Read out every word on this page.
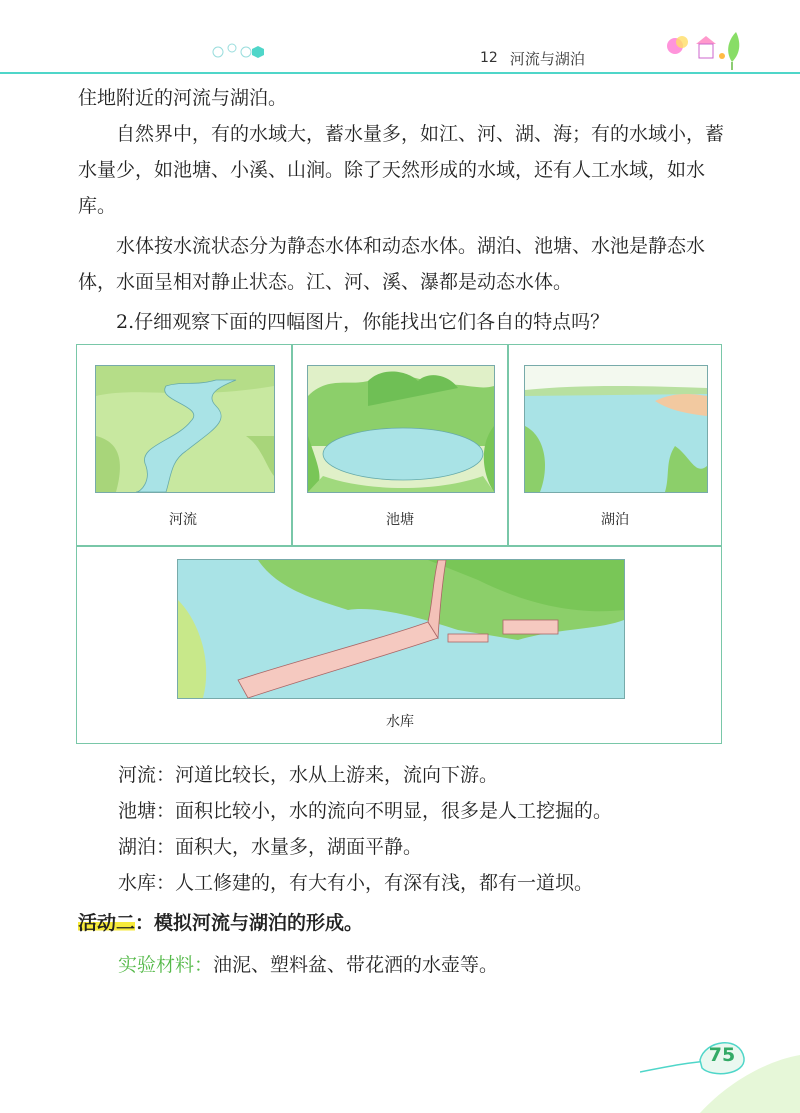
12 河流与湖泊

住地附近的河流与湖泊。

自然界中，有的水域大，蓄水量多，如江、河、湖、海；有的水域小，蓄水量少，如池塘、小溪、山涧。除了天然形成的水域，还有人工水域，如水库。

水体按水流状态分为静态水体和动态水体。湖泊、池塘、水池是静态水体，水面呈相对静止状态。江、河、溪、瀑都是动态水体。

2.仔细观察下面的四幅图片，你能找出它们各自的特点吗？

河流	池塘	湖泊
水库

河流：河道比较长，水从上游来，流向下游。

池塘：面积比较小，水的流向不明显，很多是人工挖掘的。

湖泊：面积大，水量多，湖面平静。

水库：人工修建的，有大有小，有深有浅，都有一道坝。

活动二：模拟河流与湖泊的形成。
实验材料：油泥、塑料盆、带花洒的水壶等。
75
